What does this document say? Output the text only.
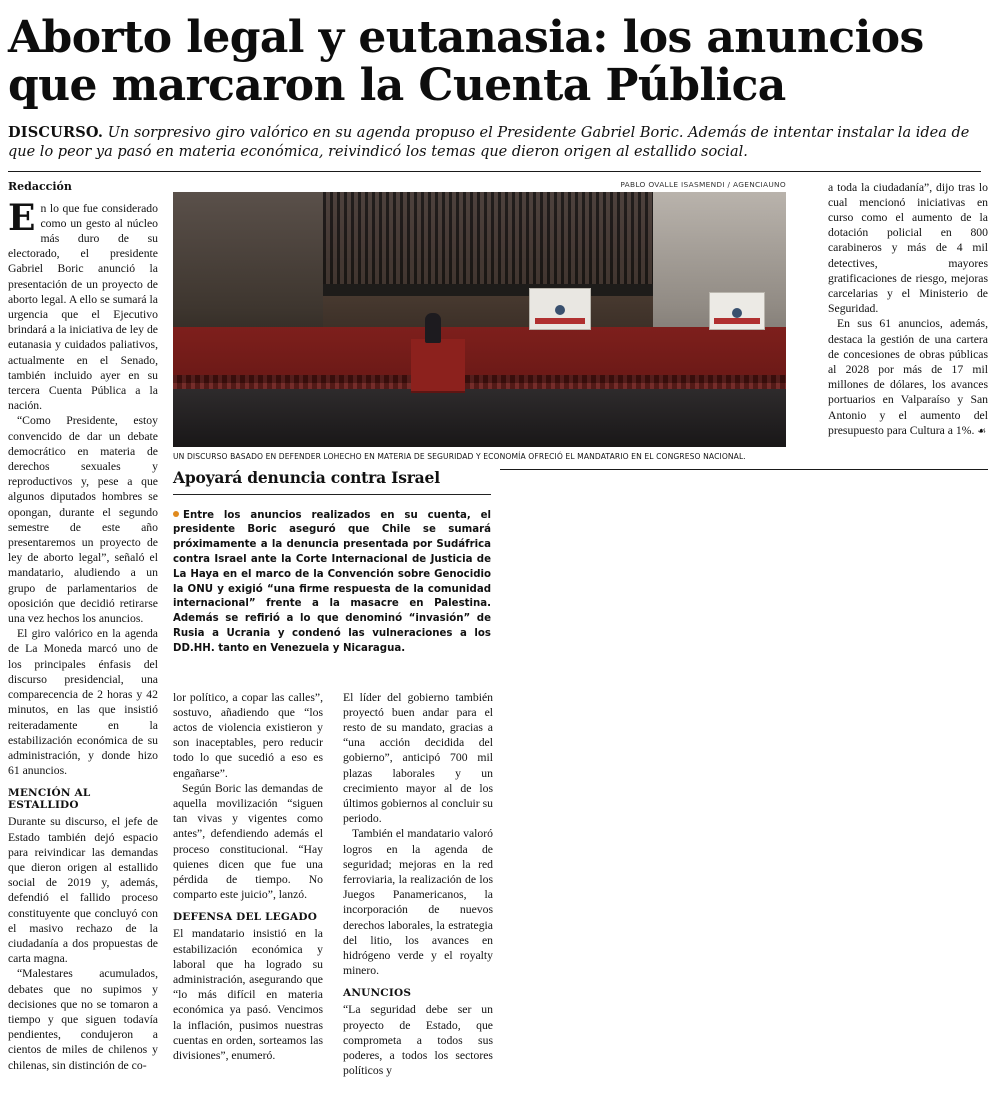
Aborto legal y eutanasia: los anuncios que marcaron la Cuenta Pública
DISCURSO. Un sorpresivo giro valórico en su agenda propuso el Presidente Gabriel Boric. Además de intentar instalar la idea de que lo peor ya pasó en materia económica, reivindicó los temas que dieron origen al estallido social.
Redacción
E n lo que fue considerado como un gesto al núcleo más duro de su electorado, el presidente Gabriel Boric anunció la presentación de un proyecto de aborto legal. A ello se sumará la urgencia que el Ejecutivo brindará a la iniciativa de ley de eutanasia y cuidados paliativos, actualmente en el Senado, también incluido ayer en su tercera Cuenta Pública a la nación.

“Como Presidente, estoy convencido de dar un debate democrático en materia de derechos sexuales y reproductivos y, pese a que algunos diputados hombres se opongan, durante el segundo semestre de este año presentaremos un proyecto de ley de aborto legal”, señaló el mandatario, aludiendo a un grupo de parlamentarios de oposición que decidió retirarse una vez hechos los anuncios.

El giro valórico en la agenda de La Moneda marcó uno de los principales énfasis del discurso presidencial, una comparecencia de 2 horas y 42 minutos, en las que insistió reiteradamente en la estabilización económica de su administración, y donde hizo 61 anuncios.

MENCIÓN AL ESTALLIDO

Durante su discurso, el jefe de Estado también dejó espacio para reivindicar las demandas que dieron origen al estallido social de 2019 y, además, defendió el fallido proceso constituyente que concluyó con el masivo rechazo de la ciudadanía a dos propuestas de carta magna.

“Malestares acumulados, debates que no supimos y decisiones que no se tomaron a tiempo y que siguen todavía pendientes, condujeron a cientos de miles de chilenos y chilenas, sin distinción de co-

PABLO OVALLE ISASMENDI / AGENCIAUNO
UN DISCURSO BASADO EN DEFENDER LOHECHO EN MATERIA DE SEGURIDAD Y ECONOMÍA OFRECIÓ EL MANDATARIO EN EL CONGRESO NACIONAL.

a toda la ciudadanía”, dijo tras lo cual mencionó iniciativas en curso como el aumento de la dotación policial en 800 carabineros y más de 4 mil detectives, mayores gratificaciones de riesgo, mejoras carcelarias y el Ministerio de Seguridad.

En sus 61 anuncios, además, destaca la gestión de una cartera de concesiones de obras públicas al 2028 por más de 17 mil millones de dólares, los avances portuarios en Valparaíso y San Antonio y el aumento del presupuesto para Cultura a 1%. ☙

Apoyará denuncia contra Israel
Entre los anuncios realizados en su cuenta, el presidente Boric aseguró que Chile se sumará próximamente a la denuncia presentada por Sudáfrica contra Israel ante la Corte Internacional de Justicia de La Haya en el marco de la Convención sobre Genocidio la ONU y exigió “una firme respuesta de la comunidad internacional” frente a la masacre en Palestina. Además se refirió a lo que denominó “invasión” de Rusia a Ucrania y condenó las vulneraciones a los DD.HH. tanto en Venezuela y Nicaragua.

lor político, a copar las calles”, sostuvo, añadiendo que “los actos de violencia existieron y son inaceptables, pero reducir todo lo que sucedió a eso es engañarse”.

Según Boric las demandas de aquella movilización “siguen tan vivas y vigentes como antes”, defendiendo además el proceso constitucional. “Hay quienes dicen que fue una pérdida de tiempo. No comparto este juicio”, lanzó.

DEFENSA DEL LEGADO

El mandatario insistió en la estabilización económica y laboral que ha logrado su administración, asegurando que “lo más difícil en materia económica ya pasó. Vencimos la inflación, pusimos nuestras cuentas en orden, sorteamos las divisiones”, enumeró.

El líder del gobierno también proyectó buen andar para el resto de su mandato, gracias a “una acción decidida del gobierno”, anticipó 700 mil plazas laborales y un crecimiento mayor al de los últimos gobiernos al concluir su periodo.

También el mandatario valoró logros en la agenda de seguridad; mejoras en la red ferroviaria, la realización de los Juegos Panamericanos, la incorporación de nuevos derechos laborales, la estrategia del litio, los avances en hidrógeno verde y el royalty minero.

ANUNCIOS

“La seguridad debe ser un proyecto de Estado, que comprometa a todos sus poderes, a todos los sectores políticos y
